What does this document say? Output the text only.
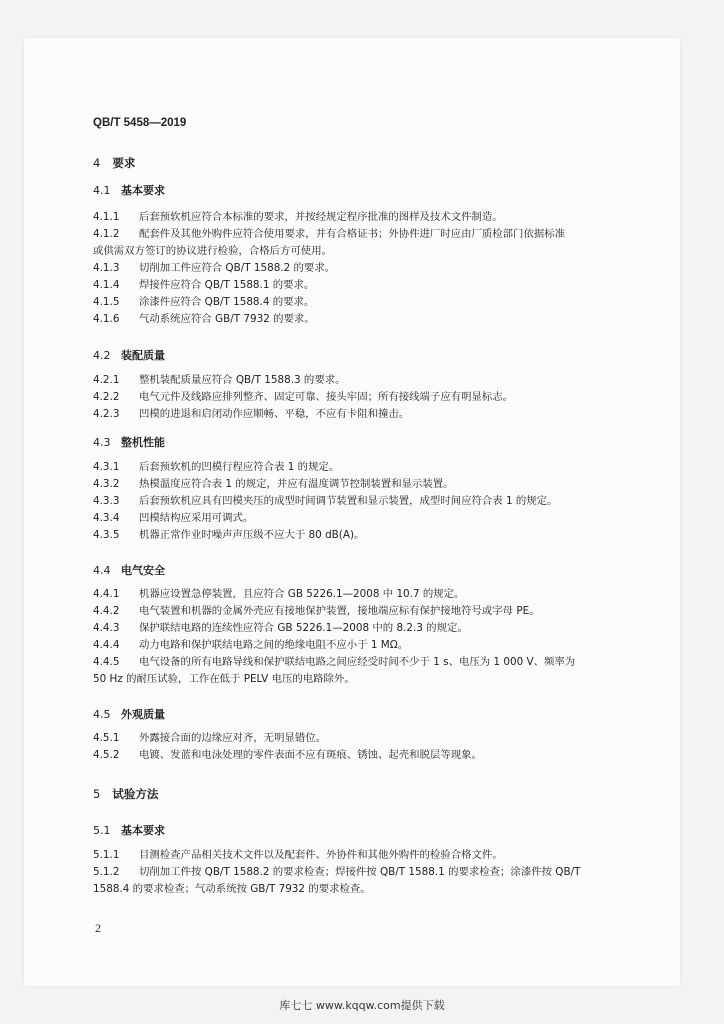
QB/T 5458—2019

4 要求

4.1 基本要求

4.1.1 后套预软机应符合本标准的要求，并按经规定程序批准的图样及技术文件制造。

4.1.2 配套件及其他外购件应符合使用要求，并有合格证书；外协件进厂时应由厂质检部门依据标准

或供需双方签订的协议进行检验，合格后方可使用。

4.1.3 切削加工件应符合 QB/T 1588.2 的要求。

4.1.4 焊接件应符合 QB/T 1588.1 的要求。

4.1.5 涂漆件应符合 QB/T 1588.4 的要求。

4.1.6 气动系统应符合 GB/T 7932 的要求。

4.2 装配质量

4.2.1 整机装配质量应符合 QB/T 1588.3 的要求。

4.2.2 电气元件及线路应排列整齐、固定可靠、接头牢固；所有接线端子应有明显标志。

4.2.3 凹模的进退和启闭动作应顺畅、平稳，不应有卡阻和撞击。

4.3 整机性能

4.3.1 后套预软机的凹模行程应符合表 1 的规定。

4.3.2 热模温度应符合表 1 的规定，并应有温度调节控制装置和显示装置。

4.3.3 后套预软机应具有凹模夹压的成型时间调节装置和显示装置，成型时间应符合表 1 的规定。

4.3.4 凹模结构应采用可调式。

4.3.5 机器正常作业时噪声声压级不应大于 80 dB(A)。

4.4 电气安全

4.4.1 机器应设置急停装置，且应符合 GB 5226.1—2008 中 10.7 的规定。

4.4.2 电气装置和机器的金属外壳应有接地保护装置，接地端应标有保护接地符号或字母 PE。

4.4.3 保护联结电路的连续性应符合 GB 5226.1—2008 中的 8.2.3 的规定。

4.4.4 动力电路和保护联结电路之间的绝缘电阻不应小于 1 MΩ。

4.4.5 电气设备的所有电路导线和保护联结电路之间应经受时间不少于 1 s、电压为 1 000 V、频率为

50 Hz 的耐压试验，工作在低于 PELV 电压的电路除外。

4.5 外观质量

4.5.1 外露接合面的边缘应对齐，无明显错位。

4.5.2 电镀、发蓝和电泳处理的零件表面不应有斑痕、锈蚀、起壳和脱层等现象。

5 试验方法

5.1 基本要求

5.1.1 目测检查产品相关技术文件以及配套件、外协件和其他外购件的检验合格文件。

5.1.2 切削加工件按 QB/T 1588.2 的要求检查；焊接件按 QB/T 1588.1 的要求检查；涂漆件按 QB/T

1588.4 的要求检查；气动系统按 GB/T 7932 的要求检查。

2
库七七 www.kqqw.com提供下载
